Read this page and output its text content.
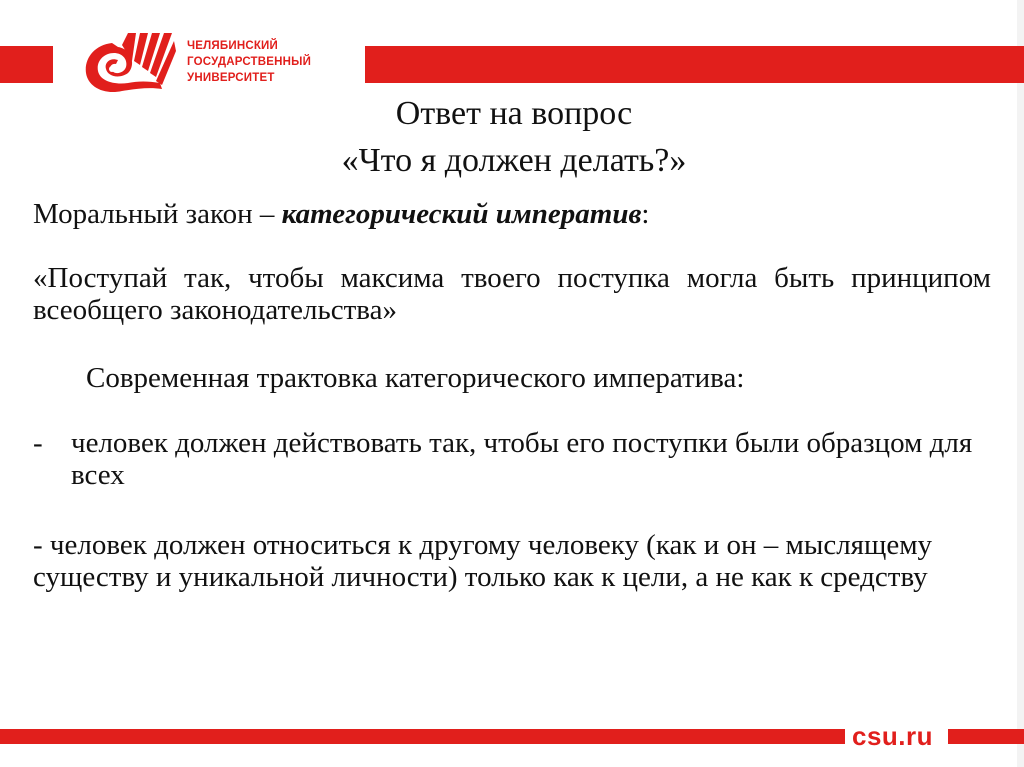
ЧЕЛЯБИНСКИЙ
ГОСУДАРСТВЕННЫЙ
УНИВЕРСИТЕТ
Ответ на вопрос
«Что я должен делать?»
Моральный закон – категорический императив:
«Поступай так, чтобы максима твоего поступка могла быть принципом всеобщего законодательства»
Современная трактовка категорического императива:
- человек должен действовать так, чтобы его поступки были образцом для всех
- человек должен относиться к другому человеку (как и он – мыслящему существу и уникальной личности) только как к цели, а не как к средству
csu.ru
